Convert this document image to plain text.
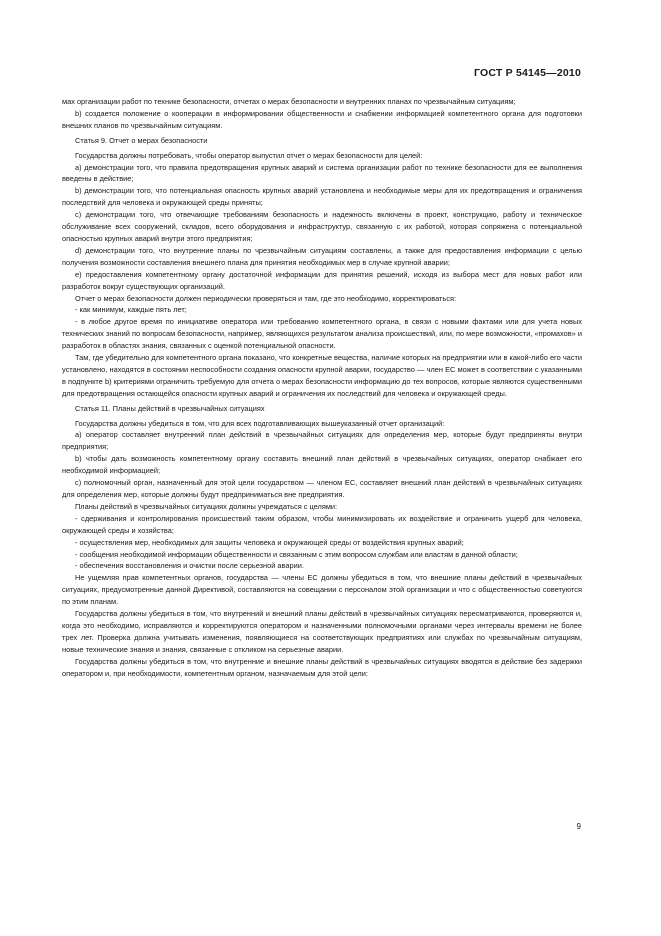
ГОСТ Р 54145—2010

мах организации работ по технике безопасности, отчетах о мерах безопасности и внутренних планах по чрезвычайным ситуациям;

b) создается положение о кооперации в информировании общественности и снабжении информацией компетентного органа для подготовки внешних планов по чрезвычайным ситуациям.

Статья 9. Отчет о мерах безопасности

Государства должны потребовать, чтобы оператор выпустил отчет о мерах безопасности для целей:

a) демонстрации того, что правила предотвращения крупных аварий и система организации работ по технике безопасности для ее выполнения введены в действие;

b) демонстрации того, что потенциальная опасность крупных аварий установлена и необходимые меры для их предотвращения и ограничения последствий для человека и окружающей среды приняты;

c) демонстрации того, что отвечающие требованиям безопасность и надежность включены в проект, конструкцию, работу и техническое обслуживание всех сооружений, складов, всего оборудования и инфраструктур, связанную с их работой, которая сопряжена с потенциальной опасностью крупных аварий внутри этого предприятия;

d) демонстрации того, что внутренние планы по чрезвычайным ситуациям составлены, а также для предоставления информации с целью получения возможности составления внешнего плана для принятия необходимых мер в случае крупной аварии;

e) предоставления компетентному органу достаточной информации для принятия решений, исходя из выбора мест для новых работ или разработок вокруг существующих организаций.

Отчет о мерах безопасности должен периодически проверяться и там, где это необходимо, корректироваться:

- как минимум, каждые пять лет;

- в любое другое время по инициативе оператора или требованию компетентного органа, в связи с новыми фактами или для учета новых технических знаний по вопросам безопасности, например, являющихся результатом анализа происшествий, или, по мере возможности, «промахов» и разработок в областях знания, связанных с оценкой потенциальной опасности.

Там, где убедительно для компетентного органа показано, что конкретные вещества, наличие которых на предприятии или в какой-либо его части установлено, находятся в состоянии неспособности создания опасности крупной аварии, государство — член ЕС может в соответствии с указанными в подпункте b) критериями ограничить требуемую для отчета о мерах безопасности информацию до тех вопросов, которые являются существенными для предотвращения остающейся опасности крупных аварий и ограничения их последствий для человека и окружающей среды.

Статья 11. Планы действий в чрезвычайных ситуациях

Государства должны убедиться в том, что для всех подготавливающих вышеуказанный отчет организаций:

a) оператор составляет внутренний план действий в чрезвычайных ситуациях для определения мер, которые будут предприняты внутри предприятия;

b) чтобы дать возможность компетентному органу составить внешний план действий в чрезвычайных ситуациях, оператор снабжает его необходимой информацией;

c) полномочный орган, назначенный для этой цели государством — членом ЕС, составляет внешний план действий в чрезвычайных ситуациях для определения мер, которые должны будут предприниматься вне предприятия.

Планы действий в чрезвычайных ситуациях должны учреждаться с целями:

- сдерживания и контролирования происшествий таким образом, чтобы минимизировать их воздействие и ограничить ущерб для человека, окружающей среды и хозяйства;

- осуществления мер, необходимых для защиты человека и окружающей среды от воздействия крупных аварий;

- сообщения необходимой информации общественности и связанным с этим вопросом службам или властям в данной области;

- обеспечения восстановления и очистки после серьезной аварии.

Не ущемляя прав компетентных органов, государства — члены ЕС должны убедиться в том, что внешние планы действий в чрезвычайных ситуациях, предусмотренные данной Директивой, составляются на совещании с персоналом этой организации и что с общественностью советуются по этим планам.

Государства должны убедиться в том, что внутренний и внешний планы действий в чрезвычайных ситуациях пересматриваются, проверяются и, когда это необходимо, исправляются и корректируются оператором и назначенными полномочными органами через интервалы времени не более трех лет. Проверка должна учитывать изменения, появляющиеся на соответствующих предприятиях или службах по чрезвычайным ситуациям, новые технические знания и знания, связанные с откликом на серьезные аварии.

Государства должны убедиться в том, что внутренние и внешние планы действий в чрезвычайных ситуациях вводятся в действие без задержки оператором и, при необходимости, компетентным органом, назначаемым для этой цели:

9
